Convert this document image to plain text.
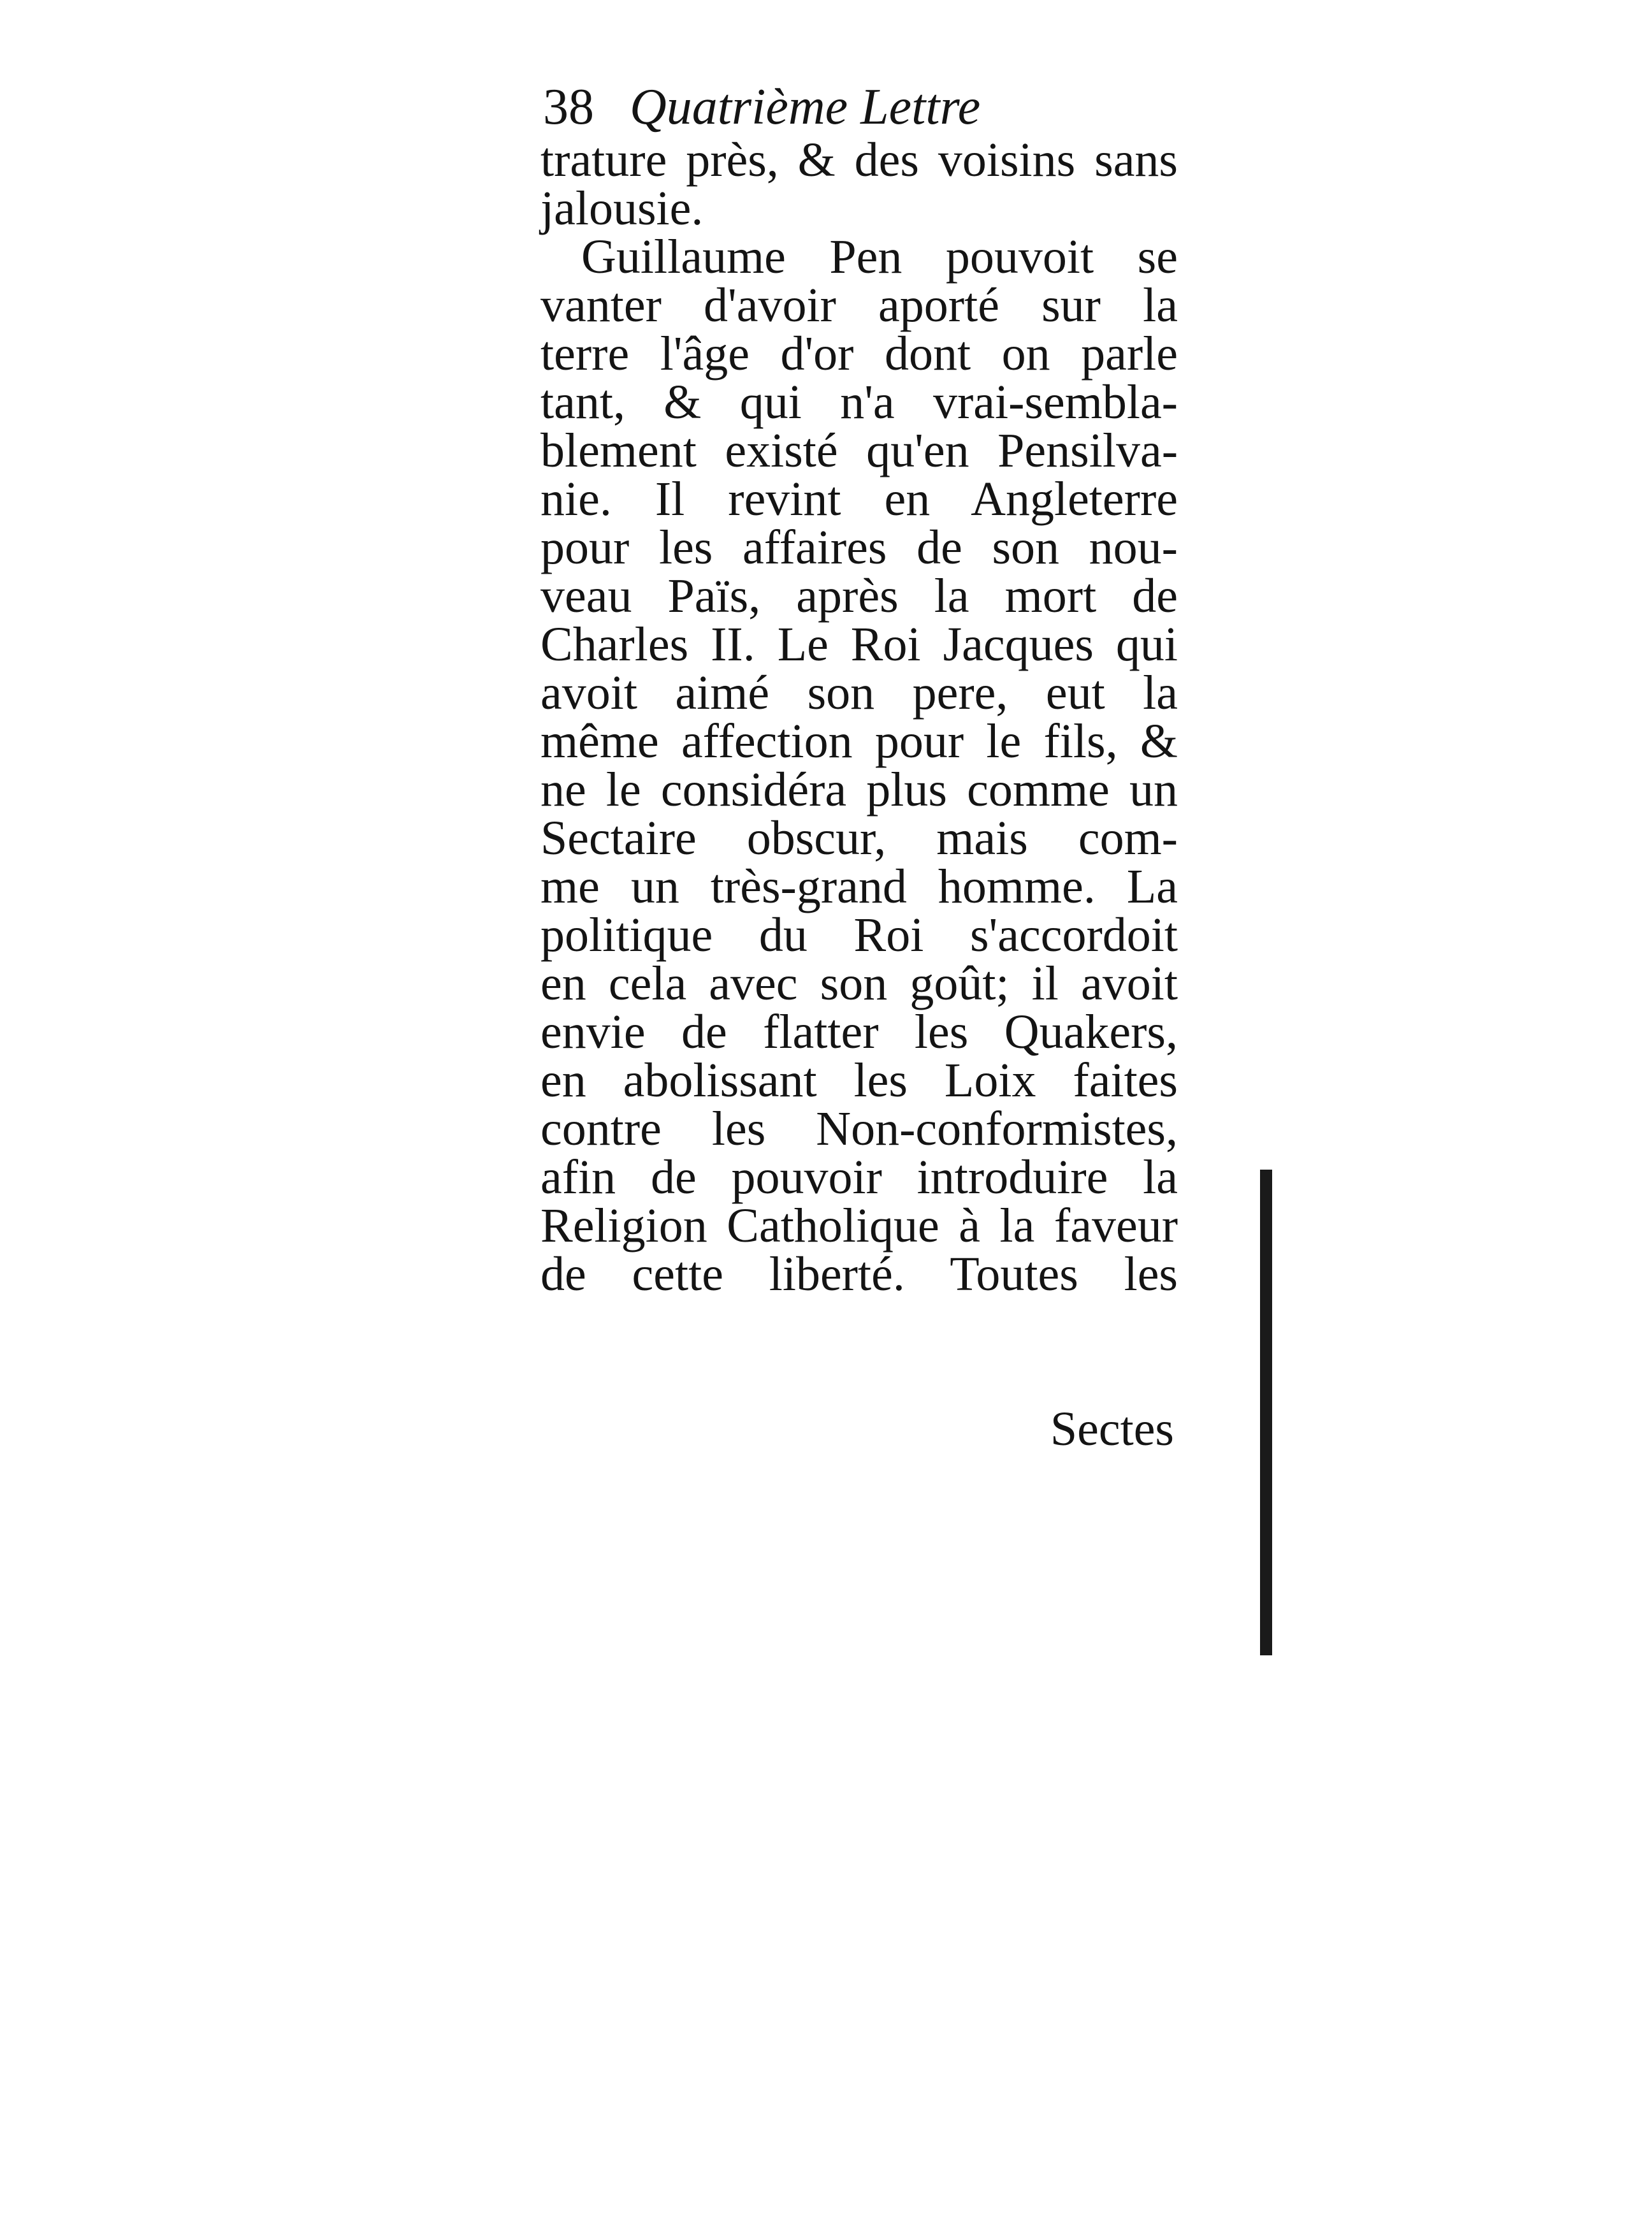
38 Quatrième Lettre
trature près, & des voisins sans
jalousie.
Guillaume Pen pouvoit se
vanter d'avoir aporté sur la
terre l'âge d'or dont on parle
tant, & qui n'a vrai-sembla-
blement existé qu'en Pensilva-
nie. Il revint en Angleterre
pour les affaires de son nou-
veau Païs, après la mort de
Charles II. Le Roi Jacques qui
avoit aimé son pere, eut la
même affection pour le fils, &
ne le considéra plus comme un
Sectaire obscur, mais com-
me un très-grand homme. La
politique du Roi s'accordoit
en cela avec son goût; il avoit
envie de flatter les Quakers,
en abolissant les Loix faites
contre les Non-conformistes,
afin de pouvoir introduire la
Religion Catholique à la faveur
de cette liberté. Toutes les
Sectes
